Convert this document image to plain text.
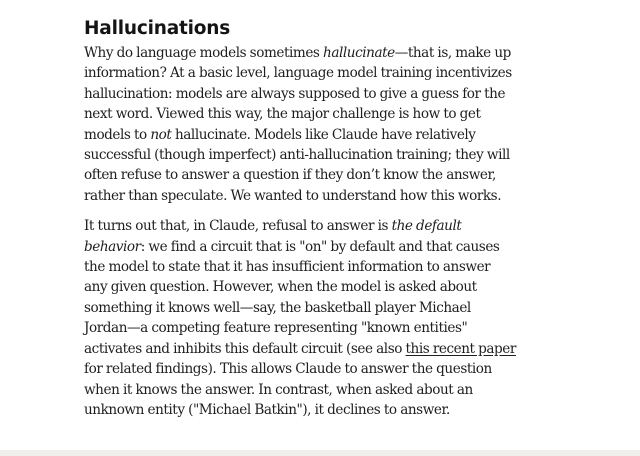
Hallucinations

Why do language models sometimes hallucinate—that is, make up information? At a basic level, language model training incentivizes hallucination: models are always supposed to give a guess for the next word. Viewed this way, the major challenge is how to get models to not hallucinate. Models like Claude have relatively successful (though imperfect) anti-hallucination training; they will often refuse to answer a question if they don’t know the answer, rather than speculate. We wanted to understand how this works.

It turns out that, in Claude, refusal to answer is the default behavior: we find a circuit that is "on" by default and that causes the model to state that it has insufficient information to answer any given question. However, when the model is asked about something it knows well—say, the basketball player Michael Jordan—a competing feature representing "known entities" activates and inhibits this default circuit (see also this recent paper for related findings). This allows Claude to answer the question when it knows the answer. In contrast, when asked about an unknown entity ("Michael Batkin"), it declines to answer.
